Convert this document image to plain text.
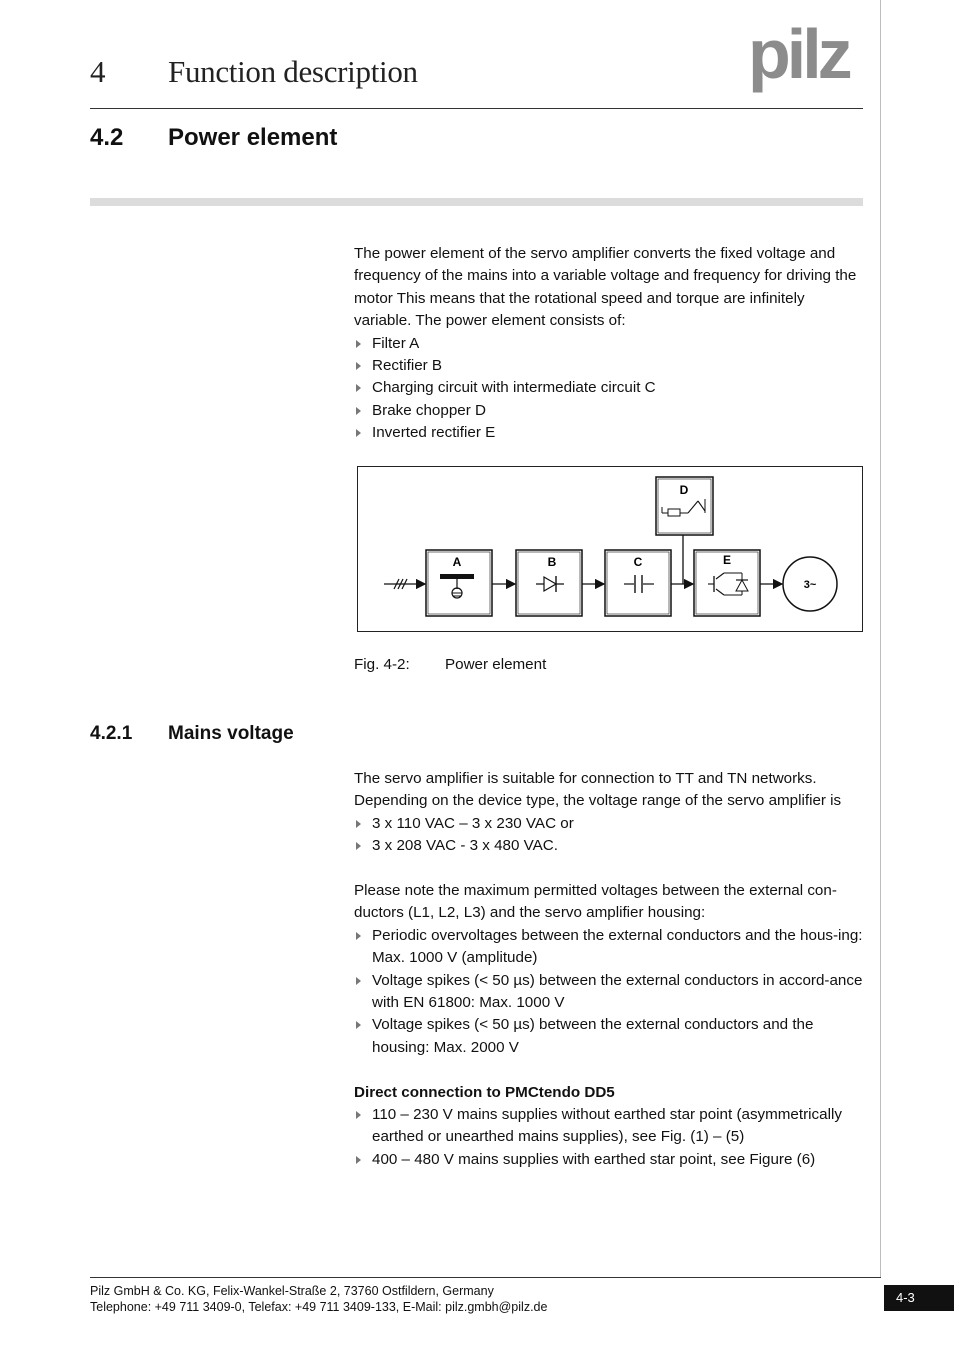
4 Function description	pilz
4.2 Power element

The power element of the servo amplifier converts the fixed voltage and frequency of the mains into a variable voltage and frequency for driving the motor This means that the rotational speed and torque are infinitely variable. The power element consists of:

Filter A
Rectifier B
Charging circuit with intermediate circuit C
Brake chopper D
Inverted rectifier E
A	B	C
D
E
3~
Fig. 4-2: Power element
4.2.1 Mains voltage

The servo amplifier is suitable for connection to TT and TN networks. Depending on the device type, the voltage range of the servo amplifier is

3 x 110 VAC – 3 x 230 VAC or
3 x 208 VAC - 3 x 480 VAC.

Please note the maximum permitted voltages between the external con-ductors (L1, L2, L3) and the servo amplifier housing:

Periodic overvoltages between the external conductors and the hous-ing: Max. 1000 V (amplitude)
Voltage spikes (< 50 µs) between the external conductors in accord-ance with EN 61800: Max. 1000 V
Voltage spikes (< 50 µs) between the external conductors and the housing: Max. 2000 V

Direct connection to PMCtendo DD5

110 – 230 V mains supplies without earthed star point (asymmetrically earthed or unearthed mains supplies), see Fig. (1) – (5)
400 – 480 V mains supplies with earthed star point, see Figure (6)
Pilz GmbH & Co. KG, Felix-Wankel-Straße 2, 73760 Ostfildern, Germany
Telephone: +49 711 3409-0, Telefax: +49 711 3409-133, E-Mail: pilz.gmbh@pilz.de
4-3
